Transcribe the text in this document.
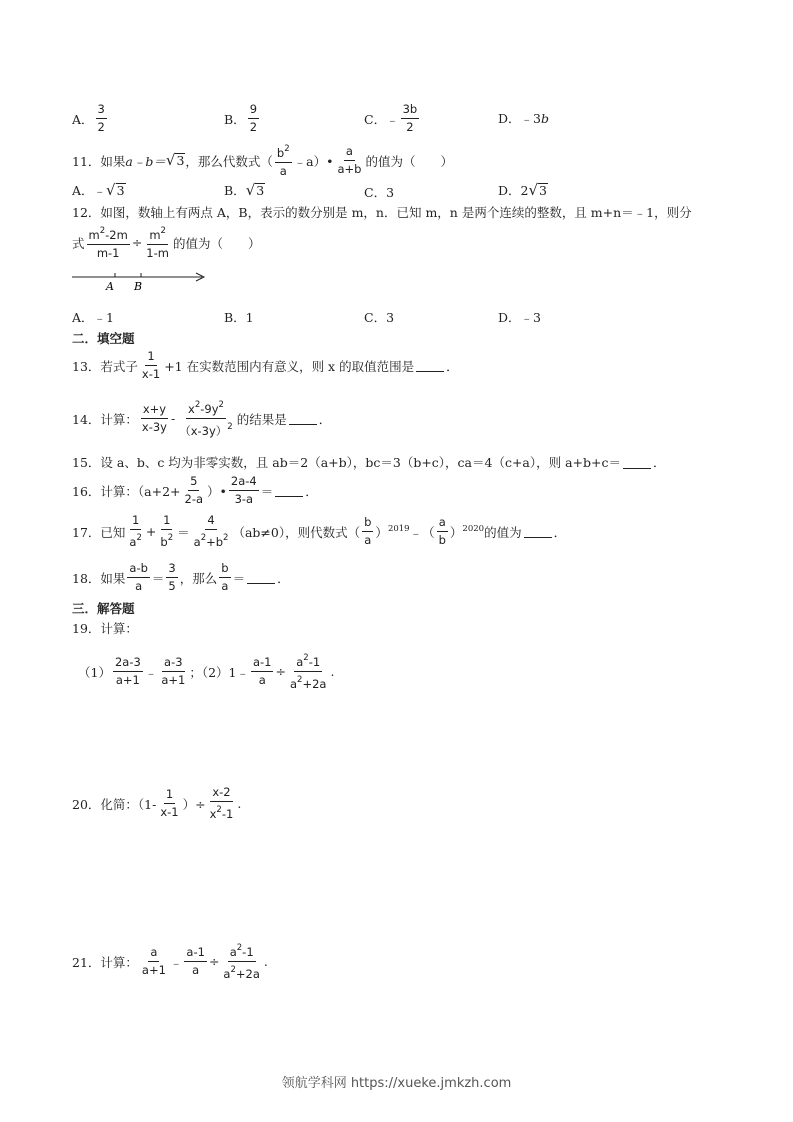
A． $\frac{3}{2}$	B． $\frac{9}{2}$	C．﹣ $\frac{3b}{2}$	D．﹣3 b
11．如果 a﹣b＝ √ 3 ，那么代数式（ $\frac{b^2}{a}$ ﹣a）• $\frac{a}{a+b}$ 的值为（　　）
A．﹣ √ 3	B． √ 3	C．3	D．2 √ 3
12．如图，数轴上有两点 A，B，表示的数分别是 m，n．已知 m，n 是两个连续的整数，且 m+n＝﹣1，则分
式 $\frac{m^2-2m}{m-1} \div \frac{m^2}{1-m}$ 的值为（　　）
A B
A．﹣1	B．1	C．3	D．﹣3
二．填空题
13．若式子 $\frac{1}{x-1} +1$ 在实数范围内有意义，则 x 的取值范围是	．
14．计算： $\frac{x+y}{x-3y} - \frac{x^2-9y^2}{(x-3y)^2}$ 的结果是	．
15．设 a、b、c 均为非零实数，且 ab＝2（a+b），bc＝3（b+c），ca＝4（c+a），则 a+b+c＝	．
16．计算：（$a+2+ \frac{5}{2-a}$ ）• $\frac{2a-4}{3-a}$ ＝	．
17．已知 $\frac{1}{a^2} + \frac{1}{b^2} = \frac{4}{a^2+b^2} (ab\ne 0)$，则代数式（ $\frac{b}{a} )^{2019}$ ﹣（ $\frac{a}{b} )^{2020}$ 的值为	．
18．如果 $\frac{a-b}{a} = \frac{3}{5}$ ，那么 $\frac{b}{a}$ ＝	．
三．解答题
19．计算：
$(1) \frac{2a-3}{a+1}$ ﹣ $\frac{a-3}{a+1}$ ；（2）1﹣ $\frac{a-1}{a} \div \frac{a^2-1}{a^2+2a}$ .
20．化简：（$1- \frac{1}{x-1}$ ）÷ $\frac{x-2}{x^2-1}$ .
21．计算： $\frac{a}{a+1}$ ﹣ $\frac{a-1}{a} \div \frac{a^2-1}{a^2+2a}$ .
领航学科网 https://xueke.jmkzh.com
